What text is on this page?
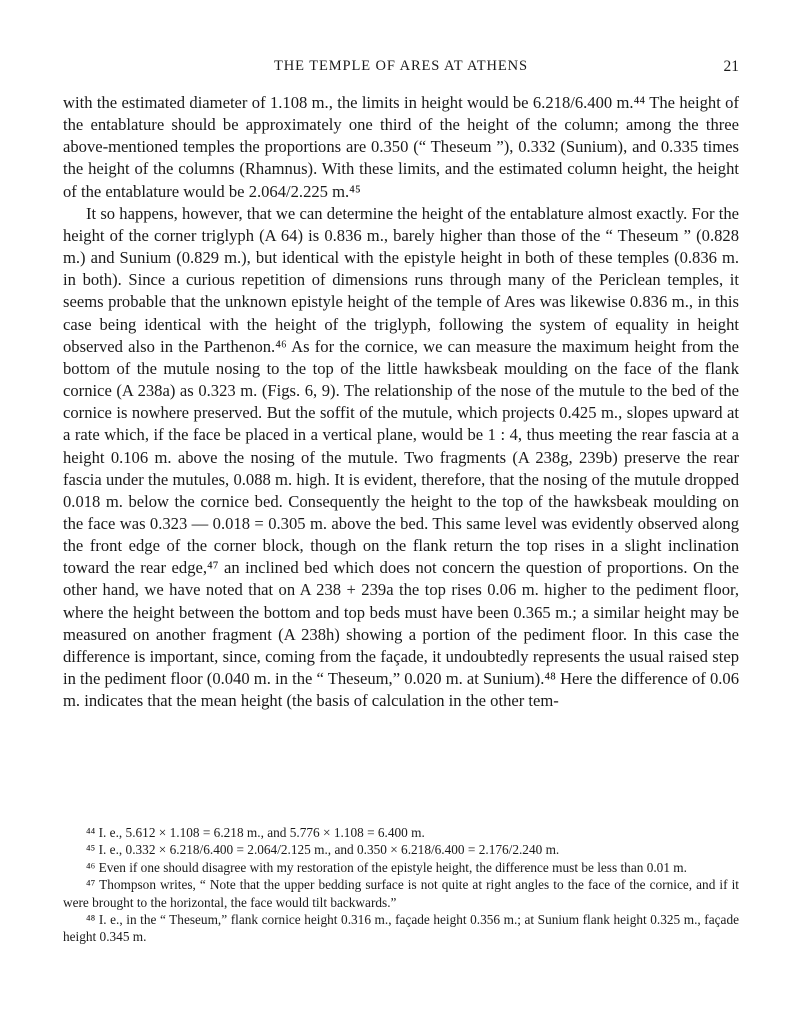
THE TEMPLE OF ARES AT ATHENS	21

with the estimated diameter of 1.108 m., the limits in height would be 6.218/6.400 m.⁴⁴ The height of the entablature should be approximately one third of the height of the column; among the three above-mentioned temples the proportions are 0.350 (“ Theseum ”), 0.332 (Sunium), and 0.335 times the height of the columns (Rhamnus). With these limits, and the estimated column height, the height of the entablature would be 2.064/2.225 m.⁴⁵

It so happens, however, that we can determine the height of the entablature almost exactly. For the height of the corner triglyph (A 64) is 0.836 m., barely higher than those of the “ Theseum ” (0.828 m.) and Sunium (0.829 m.), but identical with the epistyle height in both of these temples (0.836 m. in both). Since a curious repetition of dimensions runs through many of the Periclean temples, it seems probable that the unknown epistyle height of the temple of Ares was likewise 0.836 m., in this case being identical with the height of the triglyph, following the system of equality in height observed also in the Parthenon.⁴⁶ As for the cornice, we can measure the maximum height from the bottom of the mutule nosing to the top of the little hawksbeak moulding on the face of the flank cornice (A 238a) as 0.323 m. (Figs. 6, 9). The relationship of the nose of the mutule to the bed of the cornice is nowhere preserved. But the soffit of the mutule, which projects 0.425 m., slopes upward at a rate which, if the face be placed in a vertical plane, would be 1 : 4, thus meeting the rear fascia at a height 0.106 m. above the nosing of the mutule. Two fragments (A 238g, 239b) preserve the rear fascia under the mutules, 0.088 m. high. It is evident, therefore, that the nosing of the mutule dropped 0.018 m. below the cornice bed. Consequently the height to the top of the hawksbeak moulding on the face was 0.323 — 0.018 = 0.305 m. above the bed. This same level was evidently observed along the front edge of the corner block, though on the flank return the top rises in a slight inclination toward the rear edge,⁴⁷ an inclined bed which does not concern the question of proportions. On the other hand, we have noted that on A 238 + 239a the top rises 0.06 m. higher to the pediment floor, where the height between the bottom and top beds must have been 0.365 m.; a similar height may be measured on another fragment (A 238h) showing a portion of the pediment floor. In this case the difference is important, since, coming from the façade, it undoubtedly represents the usual raised step in the pediment floor (0.040 m. in the “ Theseum,” 0.020 m. at Sunium).⁴⁸ Here the difference of 0.06 m. indicates that the mean height (the basis of calculation in the other tem-

⁴⁴ I. e., 5.612 × 1.108 = 6.218 m., and 5.776 × 1.108 = 6.400 m.

⁴⁵ I. e., 0.332 × 6.218/6.400 = 2.064/2.125 m., and 0.350 × 6.218/6.400 = 2.176/2.240 m.

⁴⁶ Even if one should disagree with my restoration of the epistyle height, the difference must be less than 0.01 m.

⁴⁷ Thompson writes, “ Note that the upper bedding surface is not quite at right angles to the face of the cornice, and if it were brought to the horizontal, the face would tilt backwards.”

⁴⁸ I. e., in the “ Theseum,” flank cornice height 0.316 m., façade height 0.356 m.; at Sunium flank height 0.325 m., façade height 0.345 m.
